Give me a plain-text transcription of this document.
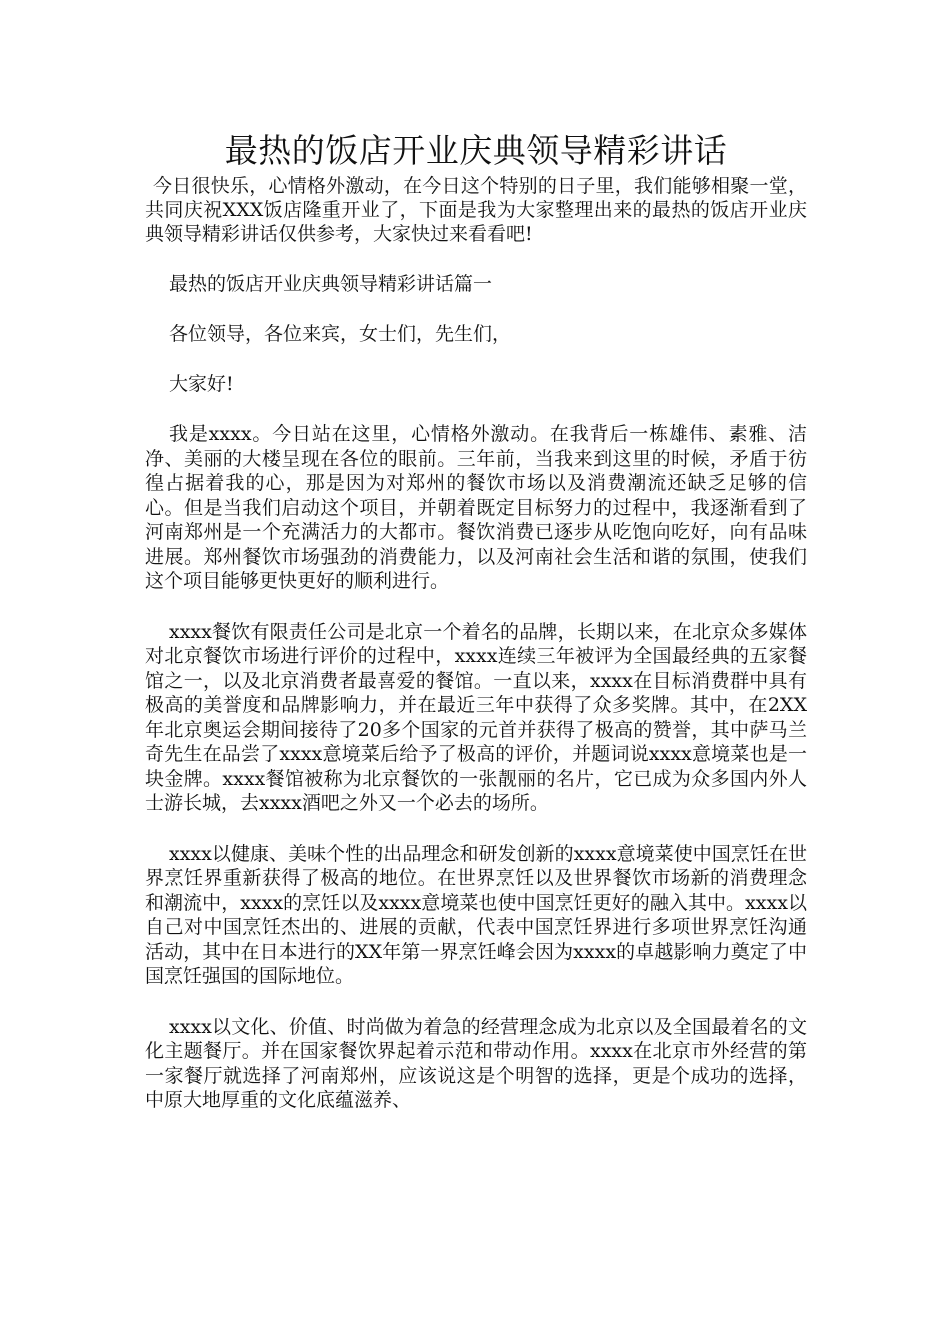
最热的饭店开业庆典领导精彩讲话

今日很快乐，心情格外激动，在今日这个特别的日子里，我们能够相聚一堂，共同庆祝XXX饭店隆重开业了，下面是我为大家整理出来的最热的饭店开业庆典领导精彩讲话仅供参考，大家快过来看看吧!

最热的饭店开业庆典领导精彩讲话篇一

各位领导，各位来宾，女士们，先生们，

大家好!

我是xxxx。今日站在这里，心情格外激动。在我背后一栋雄伟、素雅、洁净、美丽的大楼呈现在各位的眼前。三年前，当我来到这里的时候，矛盾于彷徨占据着我的心，那是因为对郑州的餐饮市场以及消费潮流还缺乏足够的信心。但是当我们启动这个项目，并朝着既定目标努力的过程中，我逐渐看到了河南郑州是一个充满活力的大都市。餐饮消费已逐步从吃饱向吃好，向有品味进展。郑州餐饮市场强劲的消费能力，以及河南社会生活和谐的氛围，使我们这个项目能够更快更好的顺利进行。

xxxx餐饮有限责任公司是北京一个着名的品牌，长期以来，在北京众多媒体对北京餐饮市场进行评价的过程中，xxxx连续三年被评为全国最经典的五家餐馆之一，以及北京消费者最喜爱的餐馆。一直以来，xxxx在目标消费群中具有极高的美誉度和品牌影响力，并在最近三年中获得了众多奖牌。其中，在2XX年北京奥运会期间接待了20多个国家的元首并获得了极高的赞誉，其中萨马兰奇先生在品尝了xxxx意境菜后给予了极高的评价，并题词说xxxx意境菜也是一块金牌。xxxx餐馆被称为北京餐饮的一张靓丽的名片，它已成为众多国内外人士游长城，去xxxx酒吧之外又一个必去的场所。

xxxx以健康、美味个性的出品理念和研发创新的xxxx意境菜使中国烹饪在世界烹饪界重新获得了极高的地位。在世界烹饪以及世界餐饮市场新的消费理念和潮流中，xxxx的烹饪以及xxxx意境菜也使中国烹饪更好的融入其中。xxxx以自己对中国烹饪杰出的、进展的贡献，代表中国烹饪界进行多项世界烹饪沟通活动，其中在日本进行的XX年第一界烹饪峰会因为xxxx的卓越影响力奠定了中国烹饪强国的国际地位。

xxxx以文化、价值、时尚做为着急的经营理念成为北京以及全国最着名的文化主题餐厅。并在国家餐饮界起着示范和带动作用。xxxx在北京市外经营的第一家餐厅就选择了河南郑州，应该说这是个明智的选择，更是个成功的选择，中原大地厚重的文化底蕴滋养、
